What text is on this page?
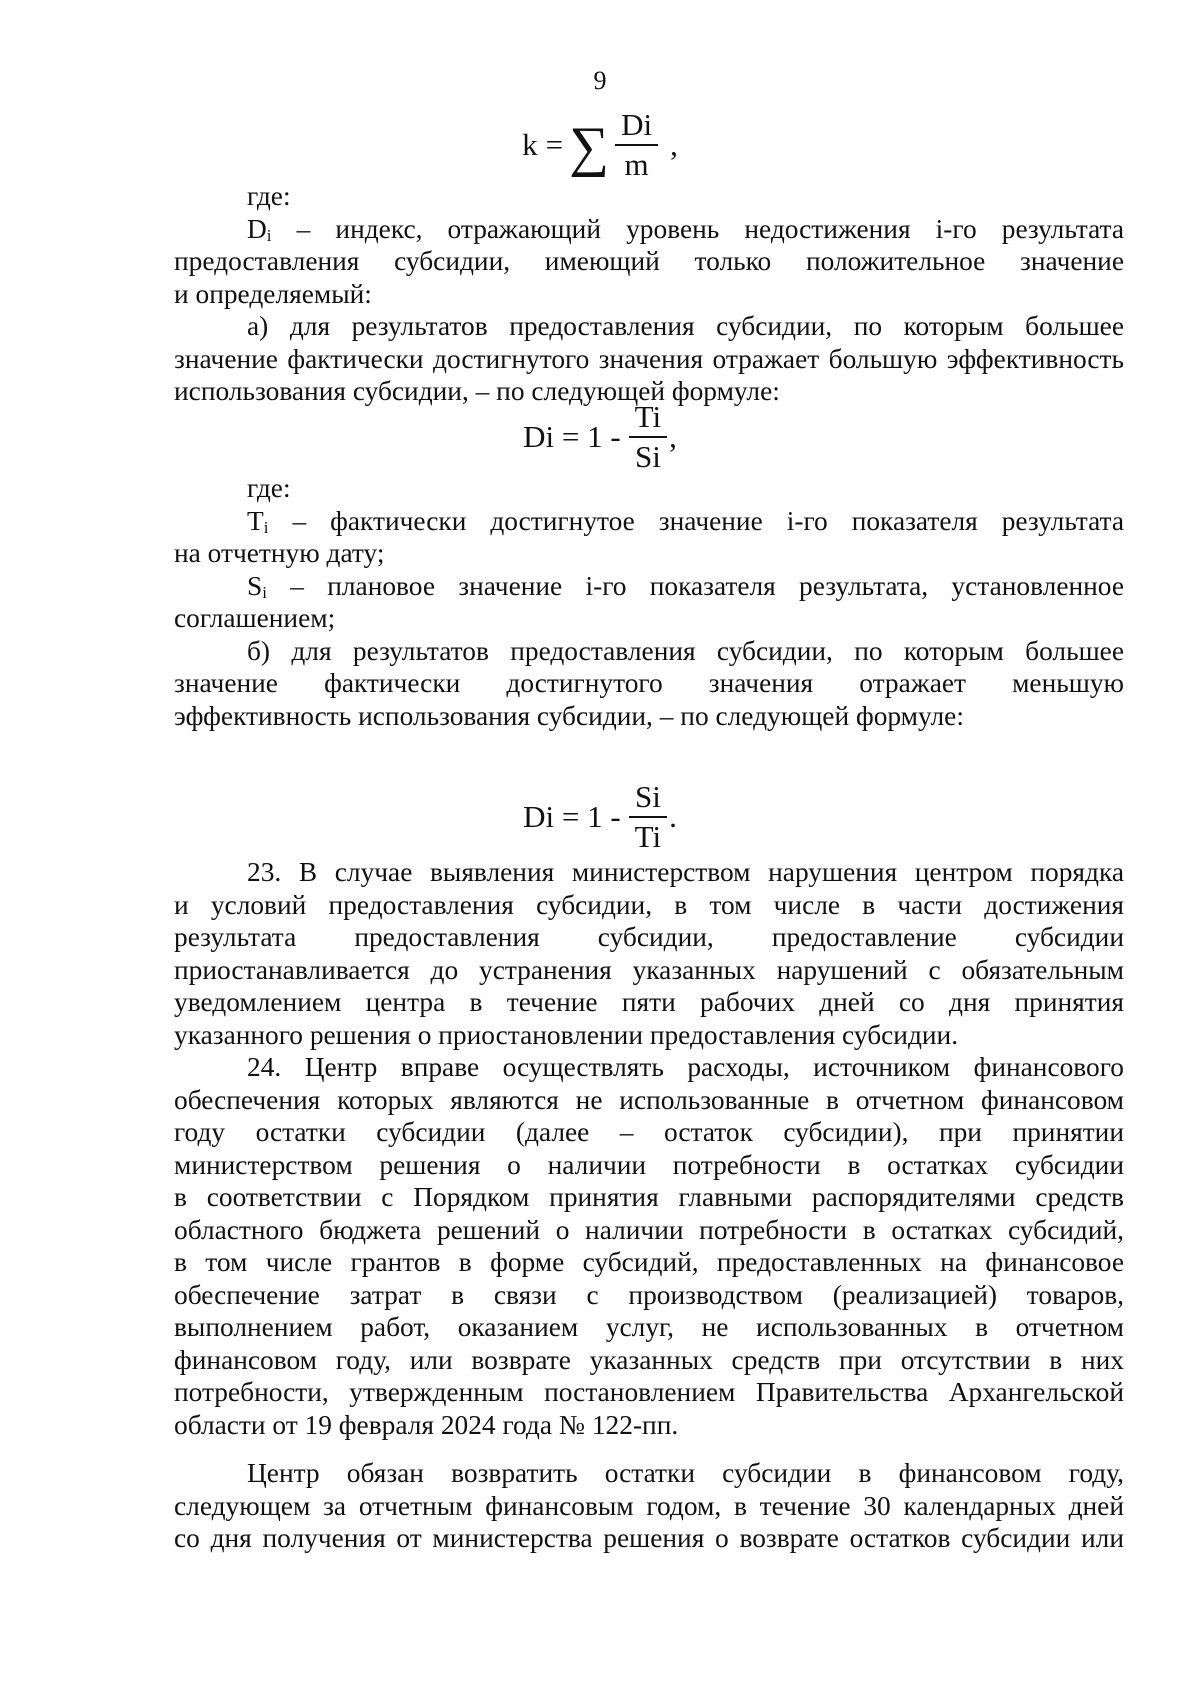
9
k = ∑ $\frac{Di}{m}$ ,
где:
$D_i$ – индекс, отражающий уровень недостижения i-го результата
предоставления субсидии, имеющий только положительное значение
и определяемый:
а) для результатов предоставления субсидии, по которым большее
значение фактически достигнутого значения отражает большую эффективность
использования субсидии, – по следующей формуле:
$Di = 1 - \frac{Ti}{Si}$ ,
где:
$T_i$ – фактически достигнутое значение i-го показателя результата
на отчетную дату;
$S_i$ – плановое значение i-го показателя результата, установленное
соглашением;
б) для результатов предоставления субсидии, по которым большее
значение фактически достигнутого значения отражает меньшую
эффективность использования субсидии, – по следующей формуле:
$Di = 1 - \frac{Si}{Ti}$ .
23. В случае выявления министерством нарушения центром порядка
и условий предоставления субсидии, в том числе в части достижения
результата предоставления субсидии, предоставление субсидии
приостанавливается до устранения указанных нарушений с обязательным
уведомлением центра в течение пяти рабочих дней со дня принятия
указанного решения о приостановлении предоставления субсидии.
24. Центр вправе осуществлять расходы, источником финансового
обеспечения которых являются не использованные в отчетном финансовом
году остатки субсидии (далее – остаток субсидии), при принятии
министерством решения о наличии потребности в остатках субсидии
в соответствии с Порядком принятия главными распорядителями средств
областного бюджета решений о наличии потребности в остатках субсидий,
в том числе грантов в форме субсидий, предоставленных на финансовое
обеспечение затрат в связи с производством (реализацией) товаров,
выполнением работ, оказанием услуг, не использованных в отчетном
финансовом году, или возврате указанных средств при отсутствии в них
потребности, утвержденным постановлением Правительства Архангельской
области от 19 февраля 2024 года № 122-пп.
Центр обязан возвратить остатки субсидии в финансовом году,
следующем за отчетным финансовым годом, в течение 30 календарных дней
со дня получения от министерства решения о возврате остатков субсидии или
